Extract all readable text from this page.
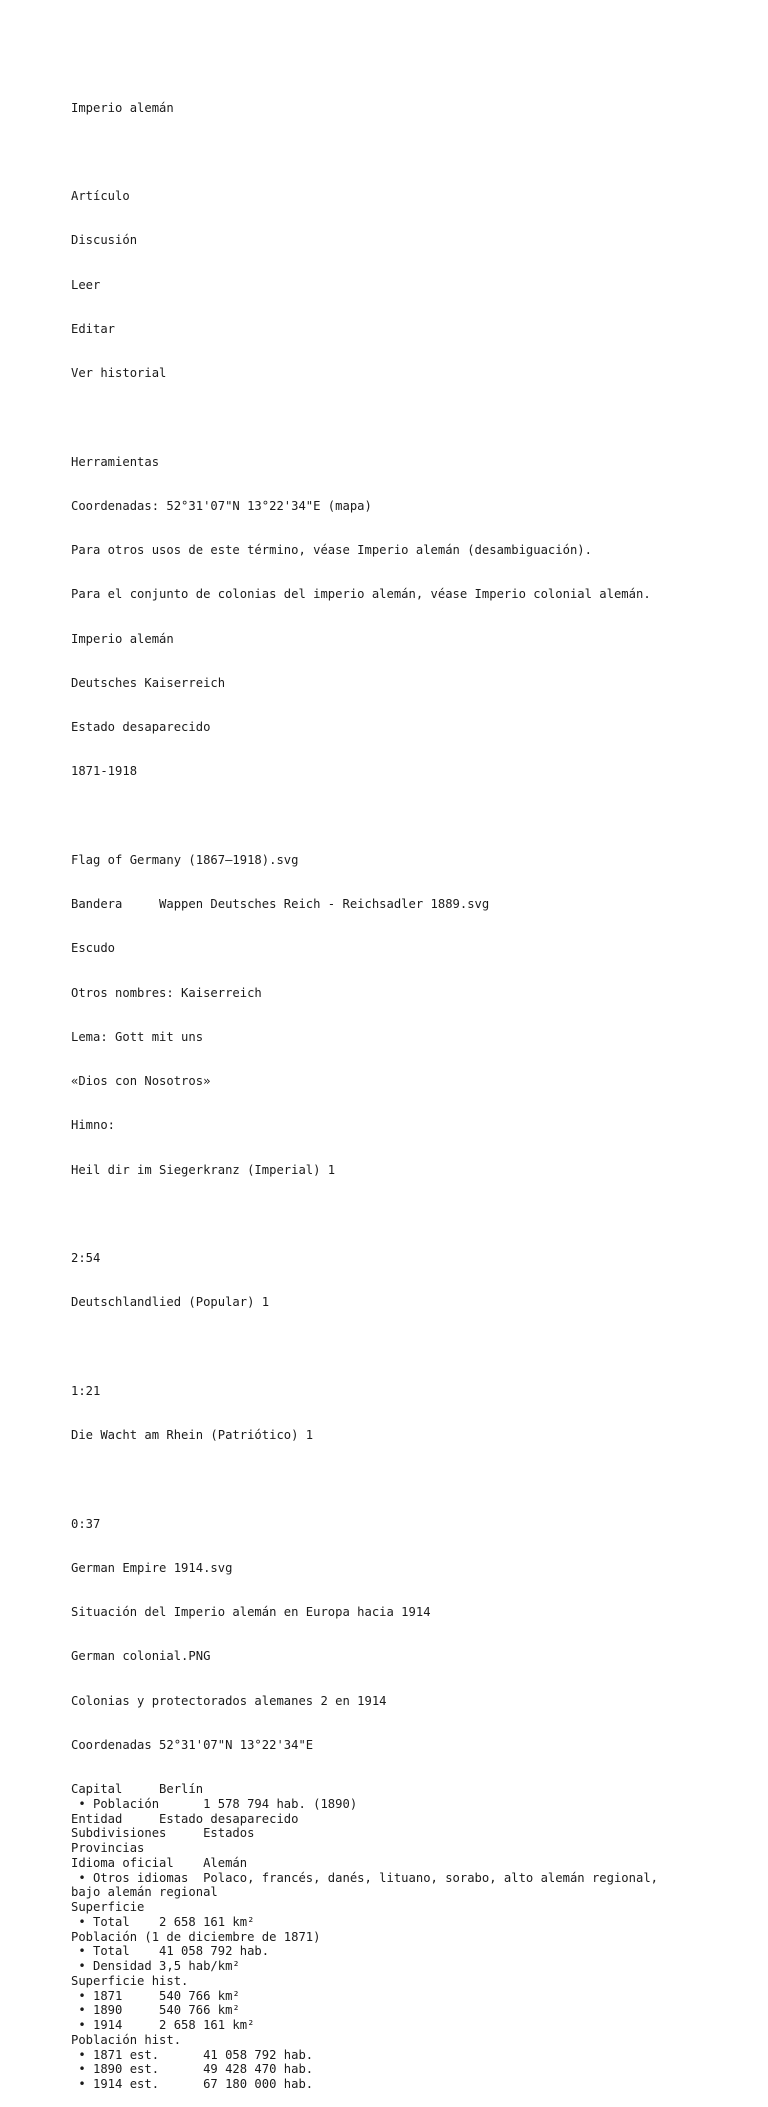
Imperio alemán

Artículo

Discusión

Leer

Editar

Ver historial

Herramientas

Coordenadas: 52°31'07"N 13°22'34"E (mapa)

Para otros usos de este término, véase Imperio alemán (desambiguación).

Para el conjunto de colonias del imperio alemán, véase Imperio colonial alemán.

Imperio alemán

Deutsches Kaiserreich

Estado desaparecido

1871-1918

Flag of Germany (1867–1918).svg

Bandera     Wappen Deutsches Reich - Reichsadler 1889.svg

Escudo

Otros nombres: Kaiserreich

Lema: Gott mit uns

«Dios con Nosotros»

Himno:

Heil dir im Siegerkranz (Imperial) 1

2:54

Deutschlandlied (Popular) 1

1:21

Die Wacht am Rhein (Patriótico) 1

0:37

German Empire 1914.svg

Situación del Imperio alemán en Europa hacia 1914

German colonial.PNG

Colonias y protectorados alemanes 2 en 1914

Coordenadas 52°31'07"N 13°22'34"E

Capital     Berlín
• Población      1 578 794 hab. (1890)
Entidad     Estado desaparecido
Subdivisiones     Estados
Provincias
Idioma oficial    Alemán
• Otros idiomas  Polaco, francés, danés, lituano, sorabo, alto alemán regional,
bajo alemán regional
Superficie
• Total    2 658 161 km²
Población (1 de diciembre de 1871)
• Total    41 058 792 hab.
• Densidad 3,5 hab/km²
Superficie hist.
• 1871     540 766 km²
• 1890     540 766 km²
• 1914     2 658 161 km²
Población hist.
• 1871 est.      41 058 792 hab.
• 1890 est.      49 428 470 hab.
• 1914 est.      67 180 000 hab.
